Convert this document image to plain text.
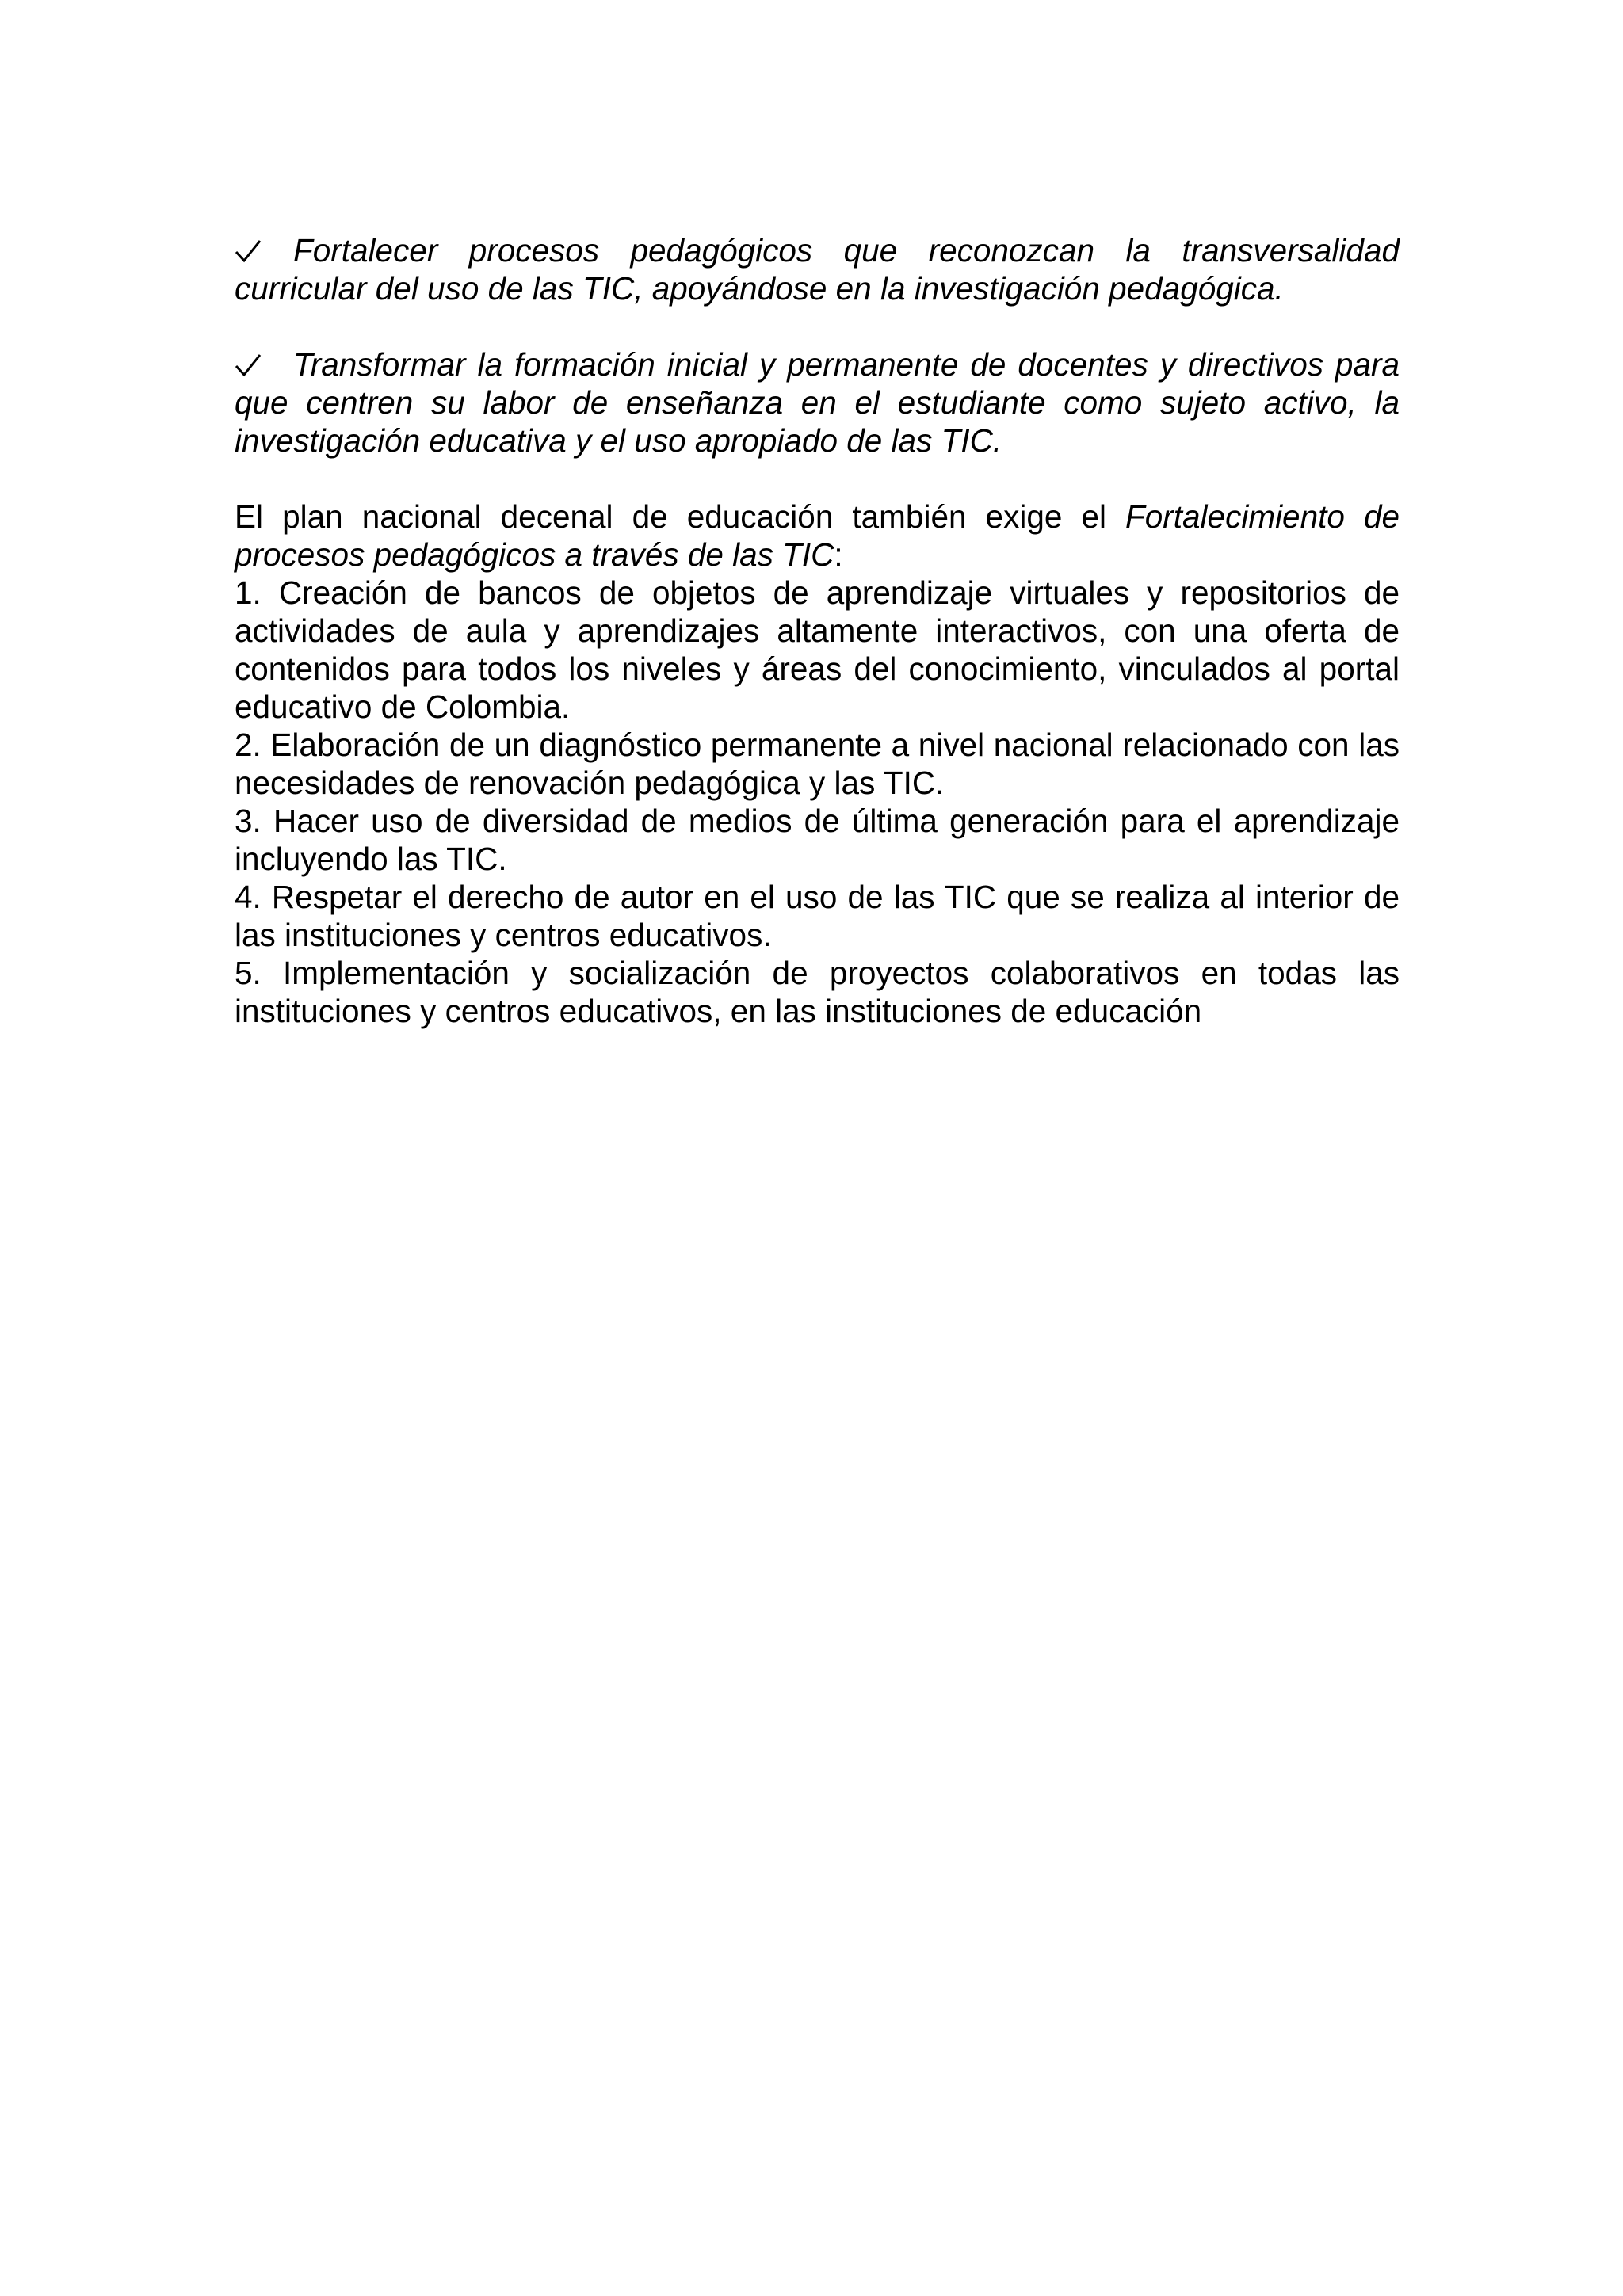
Fortalecer procesos pedagógicos que reconozcan la transversalidad curricular del uso de las TIC, apoyándose en la investigación pedagógica.

Transformar la formación inicial y permanente de docentes y directivos para que centren su labor de enseñanza en el estudiante como sujeto activo, la investigación educativa y el uso apropiado de las TIC.

El plan nacional decenal de educación también exige el Fortalecimiento de procesos pedagógicos a través de las TIC:

1. Creación de bancos de objetos de aprendizaje virtuales y repositorios de actividades de aula y aprendizajes altamente interactivos, con una oferta de contenidos para todos los niveles y áreas del conocimiento, vinculados al portal educativo de Colombia.
2. Elaboración de un diagnóstico permanente a nivel nacional relacionado con las necesidades de renovación pedagógica y las TIC.
3. Hacer uso de diversidad de medios de última generación para el aprendizaje incluyendo las TIC.
4. Respetar el derecho de autor en el uso de las TIC que se realiza al interior de las instituciones y centros educativos.
5. Implementación y socialización de proyectos colaborativos en todas las instituciones y centros educativos, en las instituciones de educación
